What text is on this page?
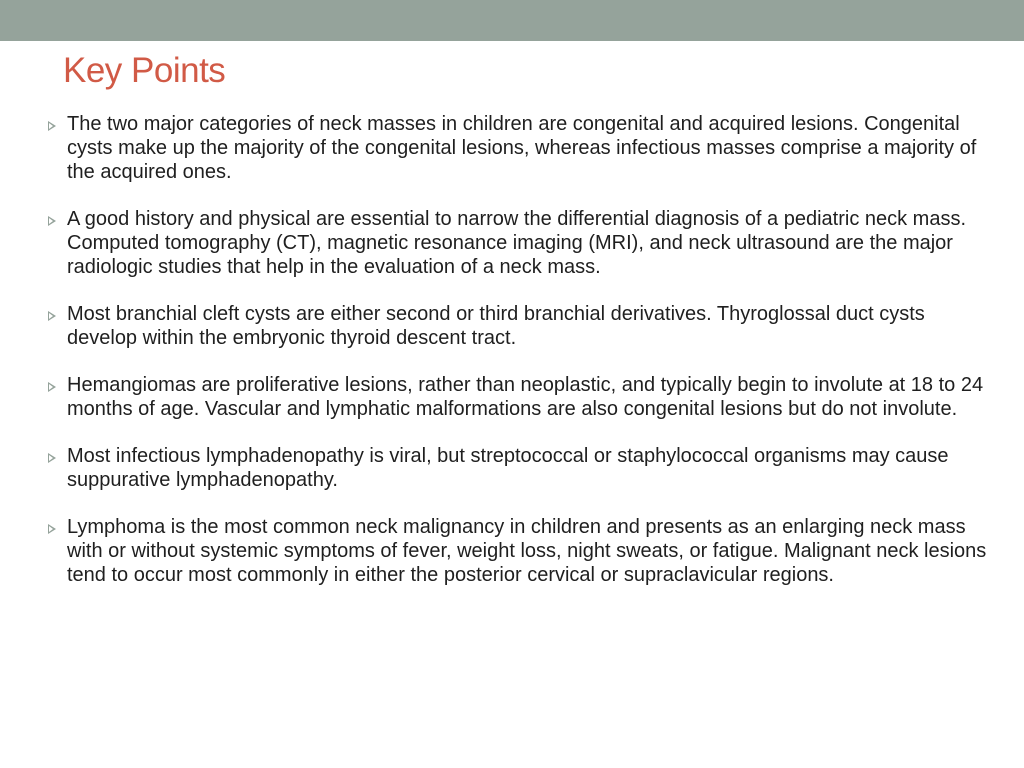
Key Points
The two major categories of neck masses in children are congenital and acquired lesions. Congenital cysts make up the majority of the congenital lesions, whereas infectious masses comprise a majority of the acquired ones.
A good history and physical are essential to narrow the differential diagnosis of a pediatric neck mass. Computed tomography (CT), magnetic resonance imaging (MRI), and neck ultrasound are the major radiologic studies that help in the evaluation of a neck mass.
Most branchial cleft cysts are either second or third branchial derivatives. Thyroglossal duct cysts develop within the embryonic thyroid descent tract.
Hemangiomas are proliferative lesions, rather than neoplastic, and typically begin to involute at 18 to 24 months of age. Vascular and lymphatic malformations are also congenital lesions but do not involute.
Most infectious lymphadenopathy is viral, but streptococcal or staphylococcal organisms may cause suppurative lymphadenopathy.
Lymphoma is the most common neck malignancy in children and presents as an enlarging neck mass with or without systemic symptoms of fever, weight loss, night sweats, or fatigue. Malignant neck lesions tend to occur most commonly in either the posterior cervical or supraclavicular regions.
